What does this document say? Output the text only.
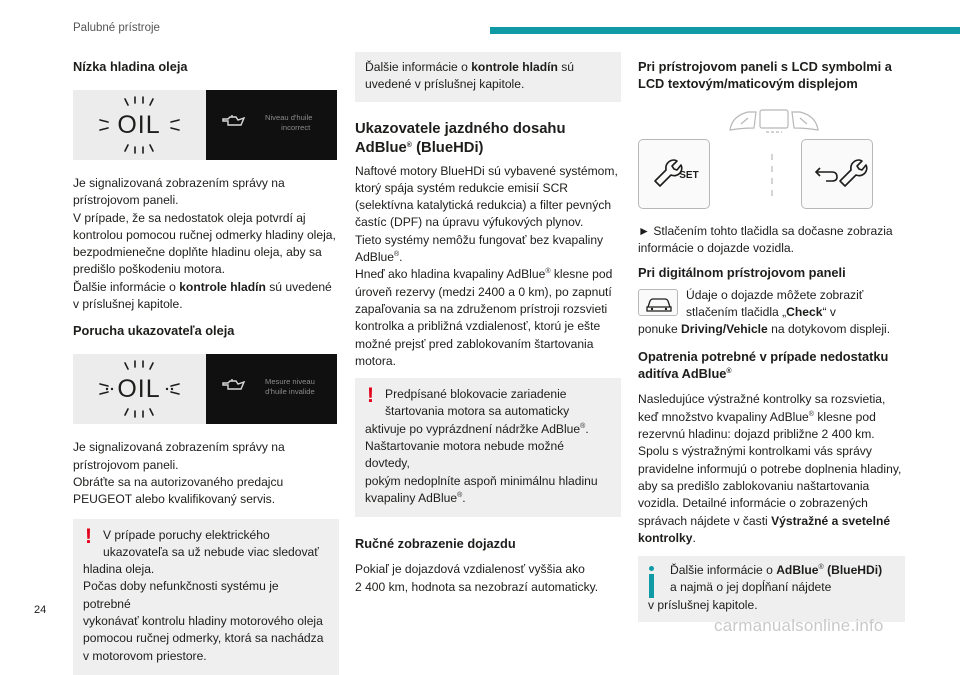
Palubné prístroje
Nízka hladina oleja
OIL	Niveau d'huile
incorrect

Je signalizovaná zobrazením správy na

prístrojovom paneli.

V prípade, že sa nedostatok oleja potvrdí aj

kontrolou pomocou ručnej odmerky hladiny oleja,

bezpodmienečne doplňte hladinu oleja, aby sa

predišlo poškodeniu motora.

Ďalšie informácie o kontrole hladín sú uvedené

v príslušnej kapitole.

Porucha ukazovateľa oleja
OIL	Mesure niveau
d'huile invalide

Je signalizovaná zobrazením správy na

prístrojovom paneli.

Obráťte sa na autorizovaného predajcu

PEUGEOT alebo kvalifikovaný servis.

! V prípade poruchy elektrického

ukazovateľa sa už nebude viac sledovať

hladina oleja.

Počas doby nefunkčnosti systému je potrebné

vykonávať kontrolu hladiny motorového oleja

pomocou ručnej odmerky, ktorá sa nachádza

v motorovom priestore.

Ďalšie informácie o kontrole hladín sú

uvedené v príslušnej kapitole.

Ukazovatele jazdného dosahu
AdBlue® (BlueHDi)

Naftové motory BlueHDi sú vybavené systémom,

ktorý spája systém redukcie emisií SCR

(selektívna katalytická redukcia) a filter pevných

častíc (DPF) na úpravu výfukových plynov.

Tieto systémy nemôžu fungovať bez kvapaliny

AdBlue®.

Hneď ako hladina kvapaliny AdBlue® klesne pod

úroveň rezervy (medzi 2400 a 0 km), po zapnutí

zapaľovania sa na združenom prístroji rozsvieti

kontrolka a približná vzdialenosť, ktorú je ešte

možné prejsť pred zablokovaním štartovania

motora.

! Predpísané blokovacie zariadenie

štartovania motora sa automaticky

aktivuje po vyprázdnení nádržke AdBlue®.

Naštartovanie motora nebude možné dovtedy,

pokým nedoplníte aspoň minimálnu hladinu

kvapaliny AdBlue®.

Ručné zobrazenie dojazdu

Pokiaľ je dojazdová vzdialenosť vyššia ako

2 400 km, hodnota sa nezobrazí automaticky.

Pri prístrojovom paneli s LCD symbolmi a
LCD textovým/maticovým displejom
SET

► Stlačením tohto tlačidla sa dočasne zobrazia

informácie o dojazde vozidla.

Pri digitálnom prístrojovom paneli

Údaje o dojazde môžete zobraziť

stlačením tlačidla „Check“ v

ponuke Driving/Vehicle na dotykovom displeji.

Opatrenia potrebné v prípade nedostatku
aditíva AdBlue®

Nasledujúce výstražné kontrolky sa rozsvietia,

keď množstvo kvapaliny AdBlue® klesne pod

rezervnú hladinu: dojazd približne 2 400 km.

Spolu s výstražnými kontrolkami vás správy

pravidelne informujú o potrebe doplnenia hladiny,

aby sa predišlo zablokovaniu naštartovania

vozidla. Detailné informácie o zobrazených

správach nájdete v časti Výstražné a svetelné

kontrolky.

Ďalšie informácie o AdBlue® (BlueHDi)

a najmä o jej dopĺňaní nájdete

v príslušnej kapitole.

24
carmanualsonline.info
